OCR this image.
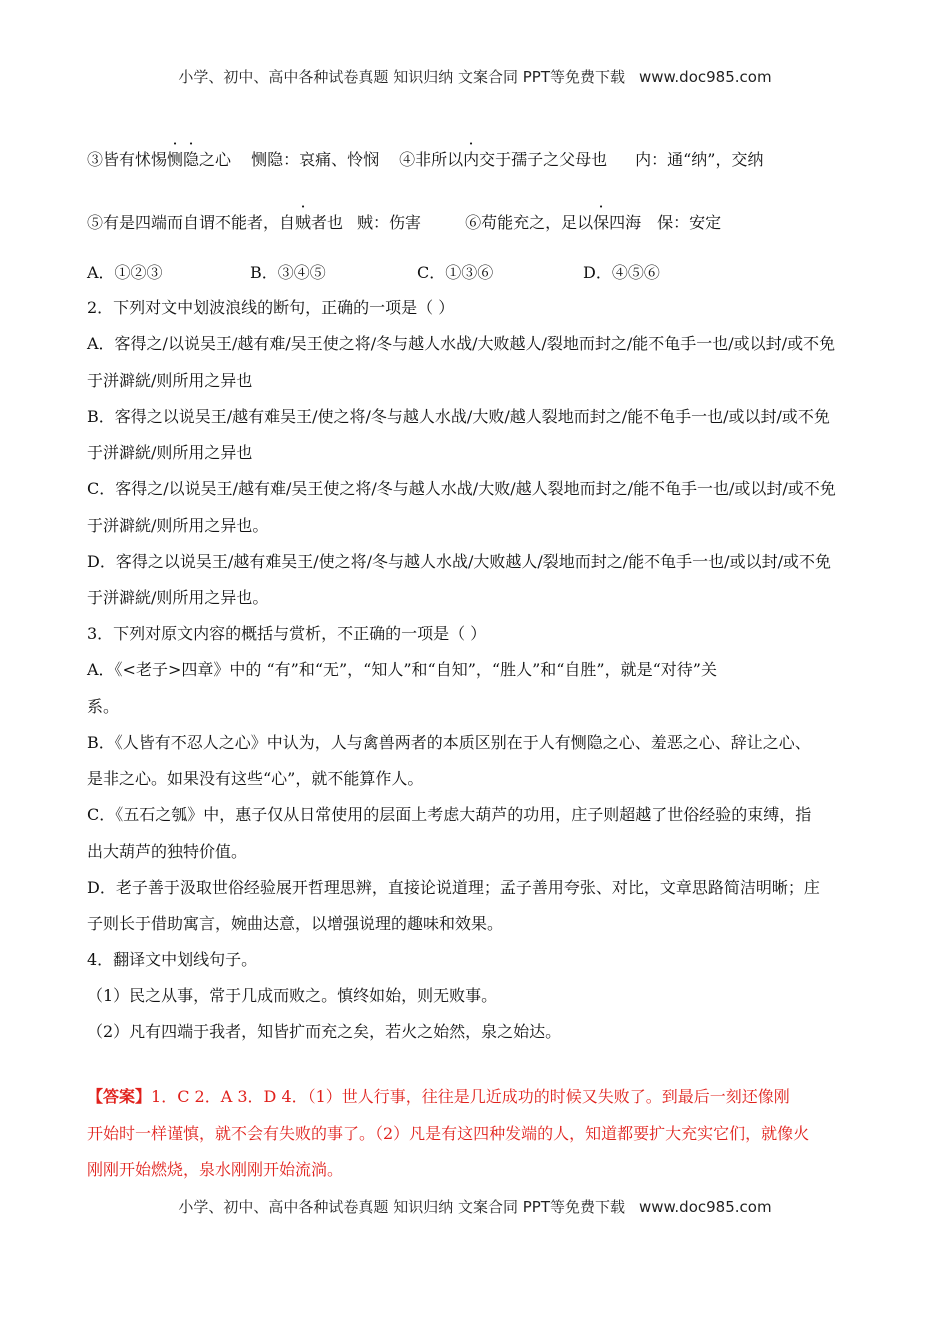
小学、初中、高中各种试卷真题 知识归纳 文案合同 PPT等免费下载 www.doc985.com
③皆有怵惕恻隐之心 恻隐：哀痛、怜悯 ④非所以内交于孺子之父母也 内：通“纳”，交纳
⑤有是四端而自谓不能者，自贼者也 贼：伤害	⑥苟能充之，足以保四海 保：安定
A．①②③	B．③④⑤	C．①③⑥	D．④⑤⑥
2．下列对文中划波浪线的断句，正确的一项是（ ）
A．客得之/以说吴王/越有难/吴王使之将/冬与越人水战/大败越人/裂地而封之/能不龟手一也/或以封/或不免
于洴澼絖/则所用之异也
B．客得之以说吴王/越有难吴王/使之将/冬与越人水战/大败/越人裂地而封之/能不龟手一也/或以封/或不免
于洴澼絖/则所用之异也
C．客得之/以说吴王/越有难/吴王使之将/冬与越人水战/大败/越人裂地而封之/能不龟手一也/或以封/或不免
于洴澼絖/则所用之异也。
D．客得之以说吴王/越有难吴王/使之将/冬与越人水战/大败越人/裂地而封之/能不龟手一也/或以封/或不免
于洴澼絖/则所用之异也。
3．下列对原文内容的概括与赏析，不正确的一项是（ ）
A．《<老子>四章》中的 “有”和“无”，“知人”和“自知”，“胜人”和“自胜”，就是“对待”关
系。
B．《人皆有不忍人之心》中认为，人与禽兽两者的本质区别在于人有恻隐之心、羞恶之心、辞让之心、
是非之心。如果没有这些“心”，就不能算作人。
C．《五石之瓠》中，惠子仅从日常使用的层面上考虑大葫芦的功用，庄子则超越了世俗经验的束缚，指
出大葫芦的独特价值。
D．老子善于汲取世俗经验展开哲理思辨，直接论说道理；孟子善用夸张、对比，文章思路简洁明晰；庄
子则长于借助寓言，婉曲达意，以增强说理的趣味和效果。
4．翻译文中划线句子。
（1）民之从事，常于几成而败之。慎终如始，则无败事。
（2）凡有四端于我者，知皆扩而充之矣，若火之始然，泉之始达。
【答案】1．C 2．A 3．D 4．（1）世人行事，往往是几近成功的时候又失败了。到最后一刻还像刚
开始时一样谨慎，就不会有失败的事了。（2）凡是有这四种发端的人，知道都要扩大充实它们，就像火
刚刚开始燃烧，泉水刚刚开始流淌。
小学、初中、高中各种试卷真题 知识归纳 文案合同 PPT等免费下载 www.doc985.com
